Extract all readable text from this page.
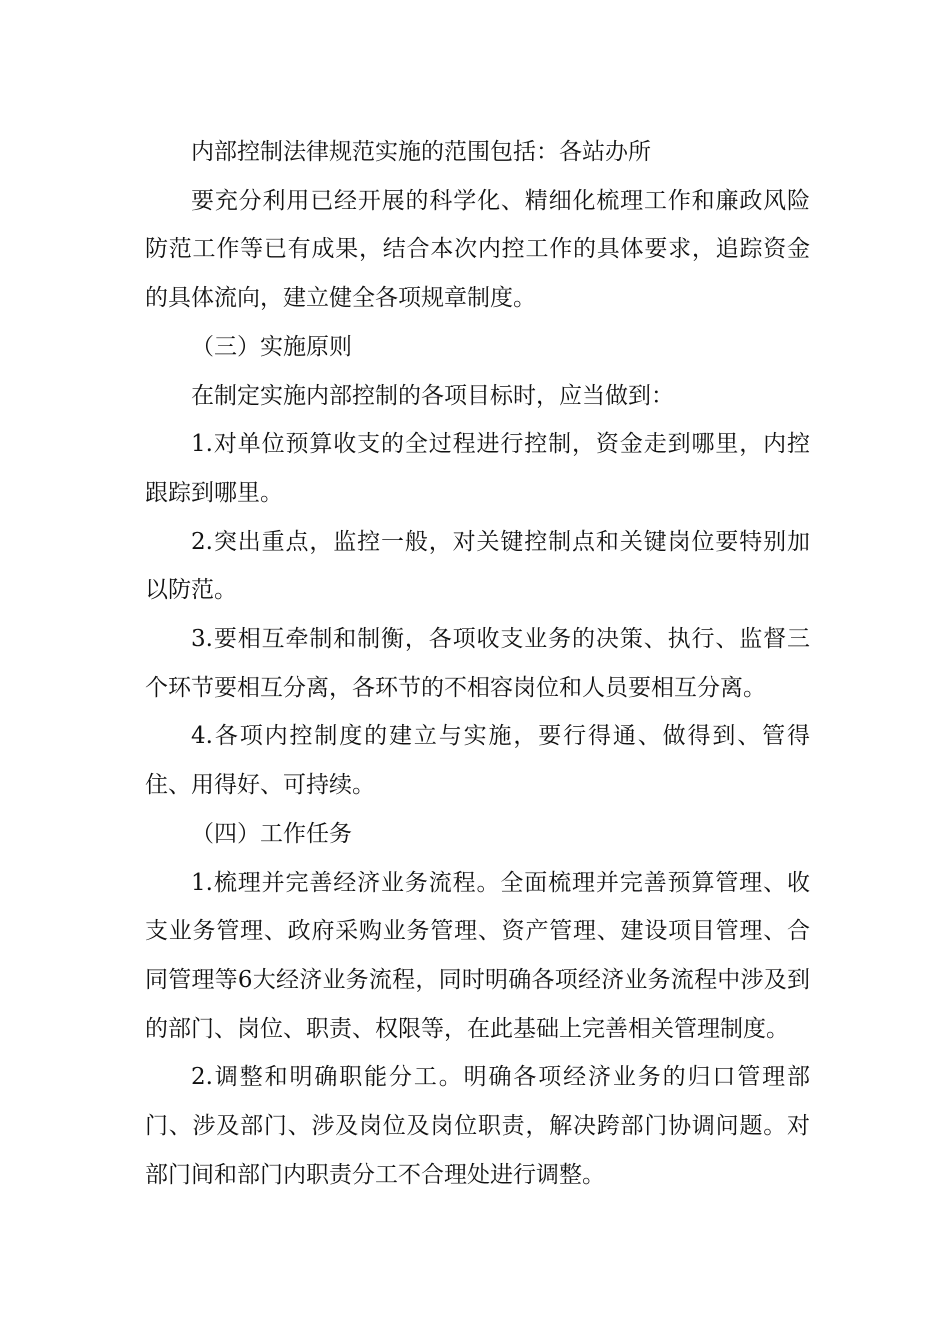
内部控制法律规范实施的范围包括：各站办所

要充分利用已经开展的科学化、精细化梳理工作和廉政风险防范工作等已有成果，结合本次内控工作的具体要求，追踪资金的具体流向，建立健全各项规章制度。

（三）实施原则

在制定实施内部控制的各项目标时，应当做到：

1.对单位预算收支的全过程进行控制，资金走到哪里，内控跟踪到哪里。

2.突出重点，监控一般，对关键控制点和关键岗位要特别加以防范。

3.要相互牵制和制衡，各项收支业务的决策、执行、监督三个环节要相互分离，各环节的不相容岗位和人员要相互分离。

4.各项内控制度的建立与实施，要行得通、做得到、管得住、用得好、可持续。

（四）工作任务

1.梳理并完善经济业务流程。全面梳理并完善预算管理、收支业务管理、政府采购业务管理、资产管理、建设项目管理、合同管理等6大经济业务流程，同时明确各项经济业务流程中涉及到的部门、岗位、职责、权限等，在此基础上完善相关管理制度。

2.调整和明确职能分工。明确各项经济业务的归口管理部门、涉及部门、涉及岗位及岗位职责，解决跨部门协调问题。对部门间和部门内职责分工不合理处进行调整。
